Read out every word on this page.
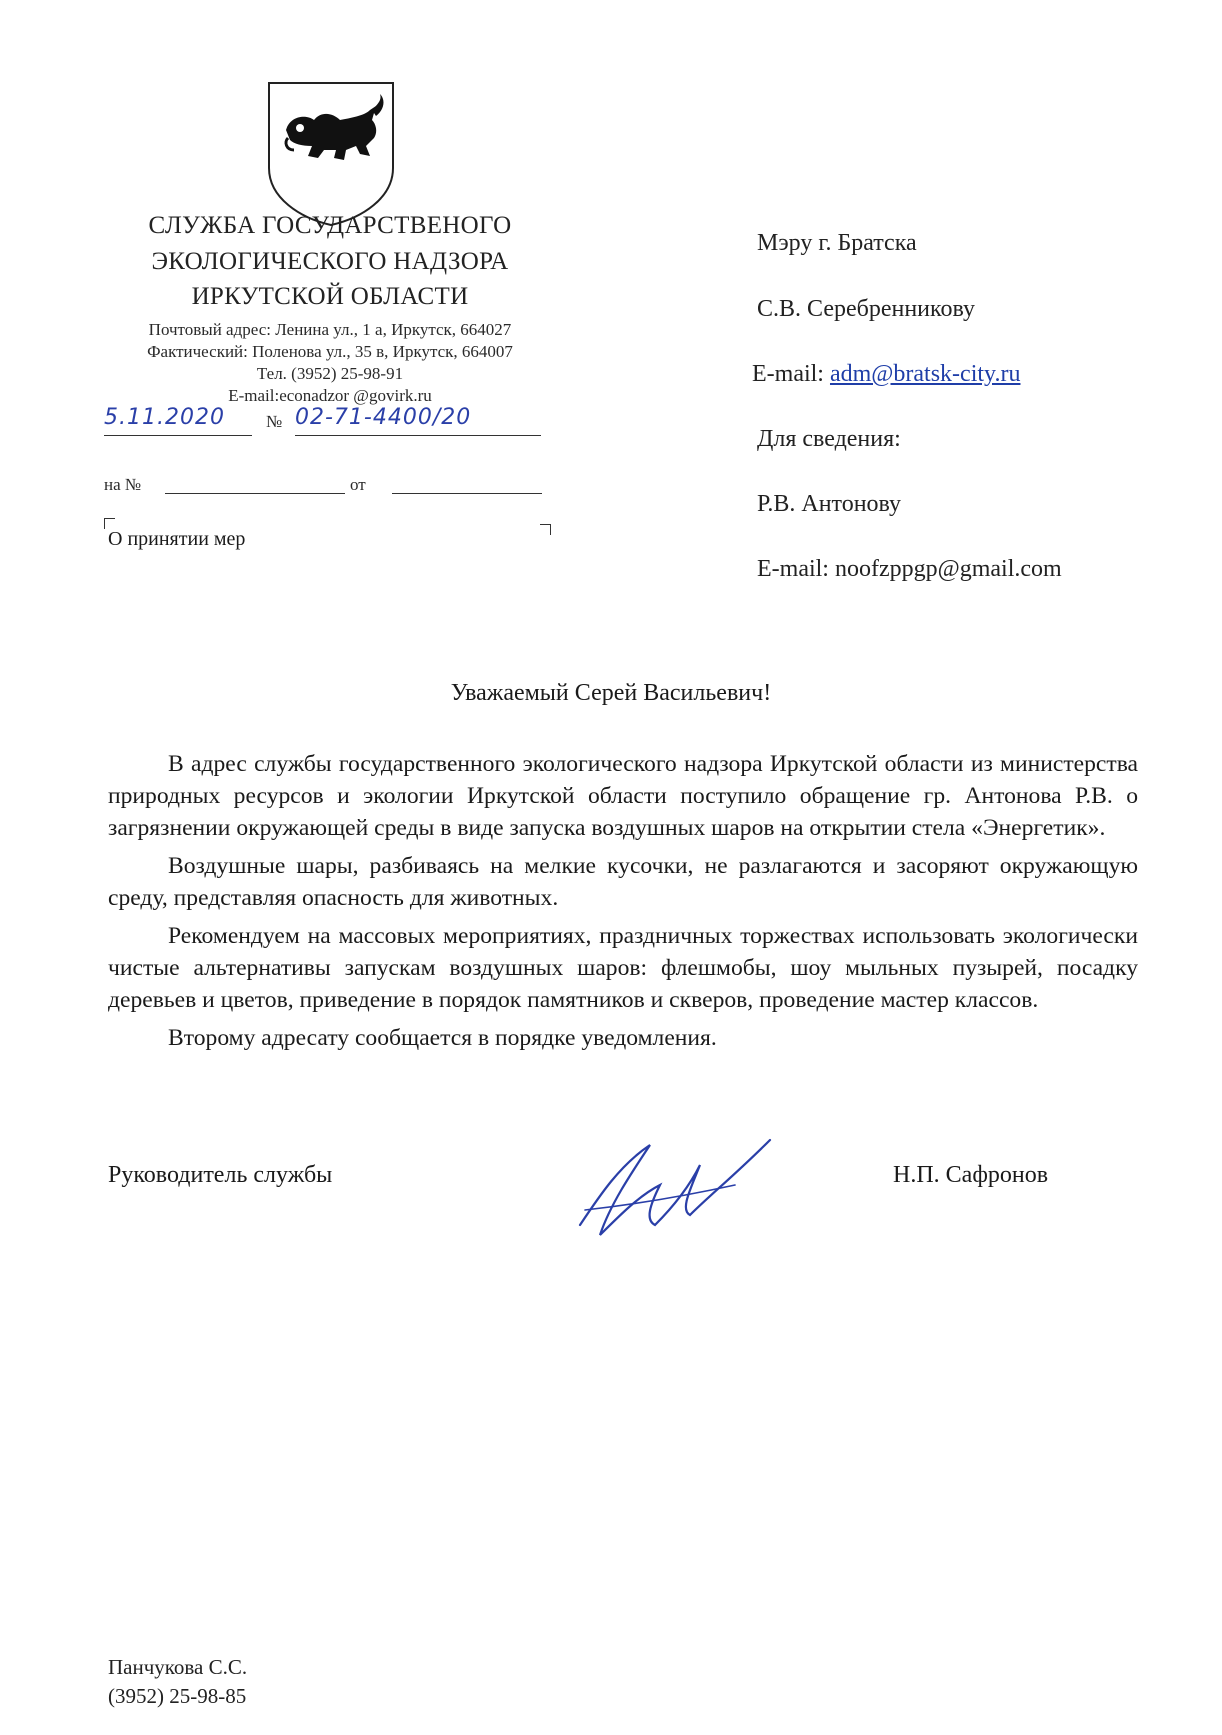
СЛУЖБА ГОСУДАРСТВЕНОГО
ЭКОЛОГИЧЕСКОГО НАДЗОРА
ИРКУТСКОЙ ОБЛАСТИ
Почтовый адрес: Ленина ул., 1 а, Иркутск, 664027
Фактический: Поленова ул., 35 в, Иркутск, 664007
Тел. (3952) 25-98-91
E-mail:econadzor @govirk.ru
5.11.2020	№ 02-71-4400/20
на №	от
О принятии мер
Мэру г. Братска
С.В. Серебренникову
E-mail: adm@bratsk-city.ru
Для сведения:
Р.В. Антонову
E-mail: noofzppgp@gmail.com
Уважаемый Серей Васильевич!

В адрес службы государственного экологического надзора Иркутской области из министерства природных ресурсов и экологии Иркутской области поступило обращение гр. Антонова Р.В. о загрязнении окружающей среды в виде запуска воздушных шаров на открытии стела «Энергетик».

Воздушные шары, разбиваясь на мелкие кусочки, не разлагаются и засоряют окружающую среду, представляя опасность для животных.

Рекомендуем на массовых мероприятиях, праздничных торжествах использовать экологически чистые альтернативы запускам воздушных шаров: флешмобы, шоу мыльных пузырей, посадку деревьев и цветов, приведение в порядок памятников и скверов, проведение мастер классов.

Второму адресату сообщается в порядке уведомления.

Руководитель службы	Н.П. Сафронов
Панчукова С.С.
(3952) 25-98-85
